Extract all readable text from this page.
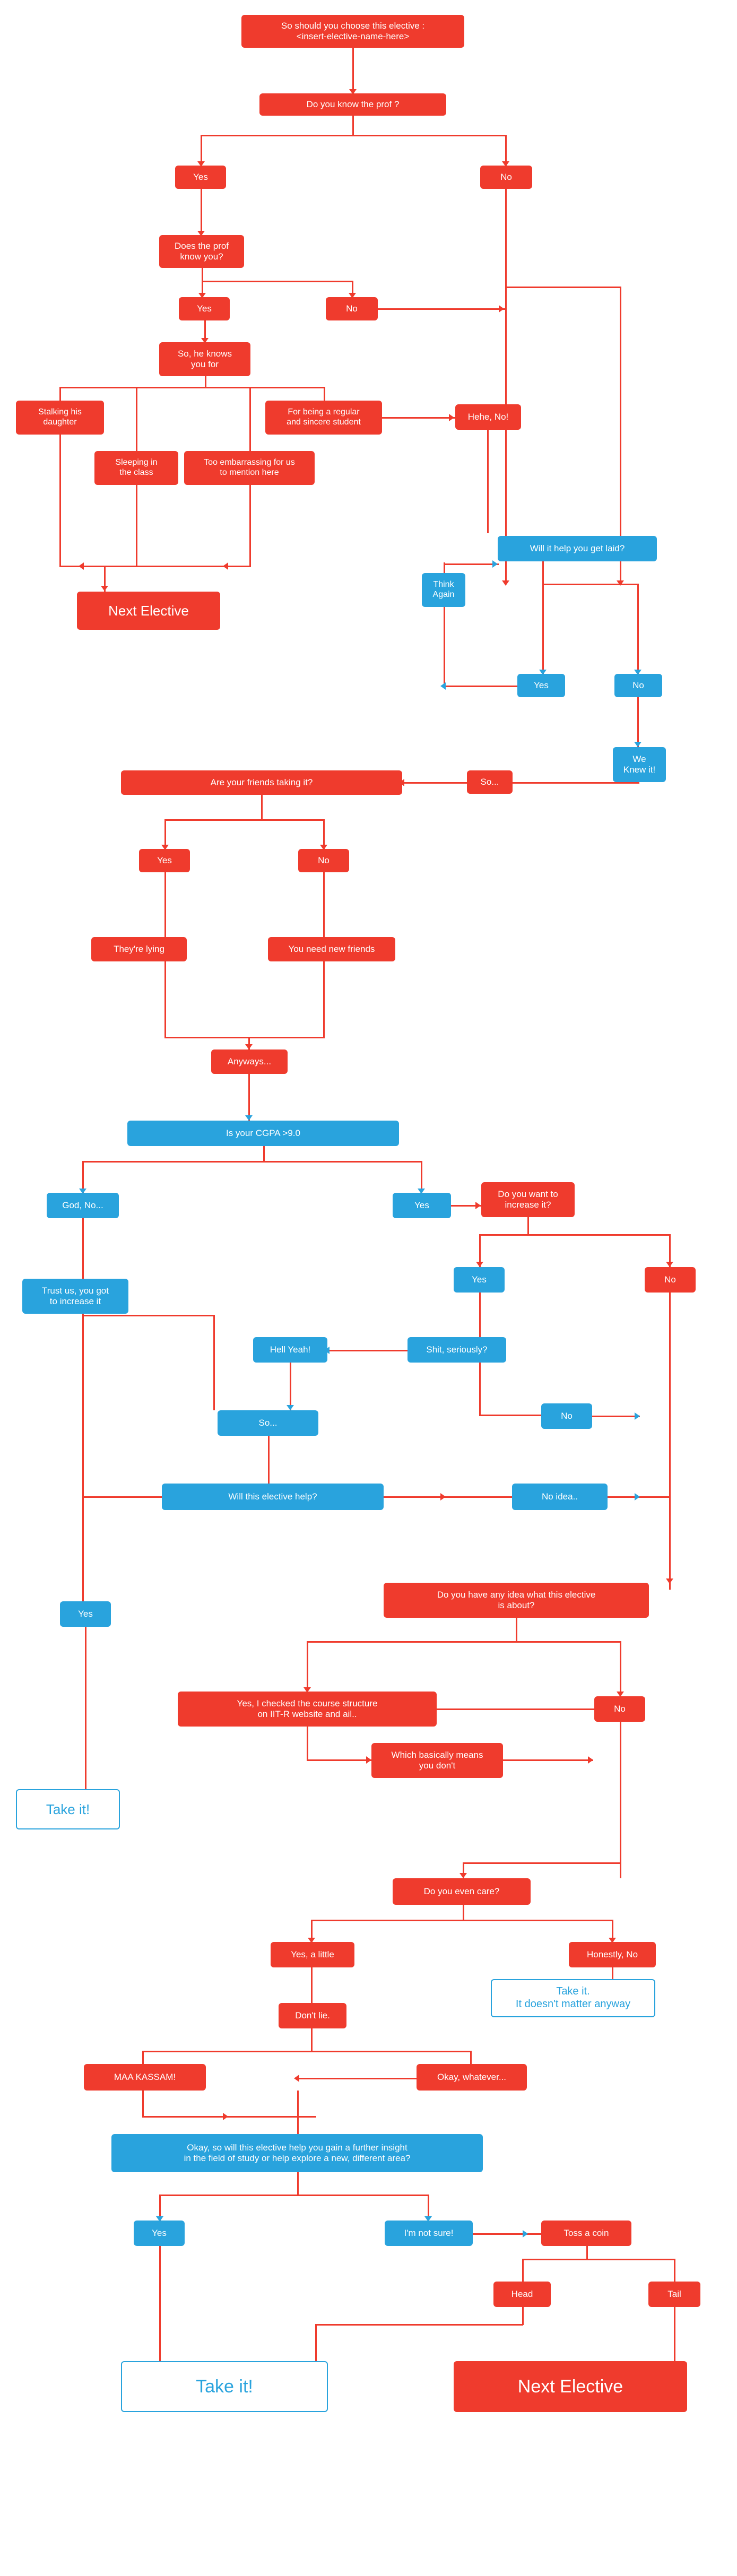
So should you choose this elective :
<insert-elective-name-here>
Do you know the prof ?
Yes	No
Does the prof
know you?
Yes	No
So, he knows
you for
Stalking his
daughter
Sleeping in
the class
Too embarrassing for us
to mention here
For being a regular
and sincere student
Hehe, No!
Next Elective
Will it help you get laid?
Think
Again
Yes	No
We
Knew it!
So...
Are your friends taking it?
Yes	No
They're lying	You need new friends
Anyways...
Is your CGPA >9.0
God, No...	Yes
Do you want to
increase it?
Yes	No
Trust us, you got
to increase it
Hell Yeah!	Shit, seriously?
No
So...
Will this elective help?	No idea..
Do you have any idea what this elective
is about?
Yes
Yes, I checked the course structure
on IIT-R website and ail..
No
Which basically means
you don't
Take it!
Do you even care?
Yes, a little	Honestly, No
Don't lie.
Take it.
It doesn't matter anyway
MAA KASSAM!	Okay, whatever...
Okay, so will this elective help you gain a further insight
in the field of study or help explore a new, different area?
Yes	I'm not sure!	Toss a coin
Head	Tail
Take it!	Next Elective
